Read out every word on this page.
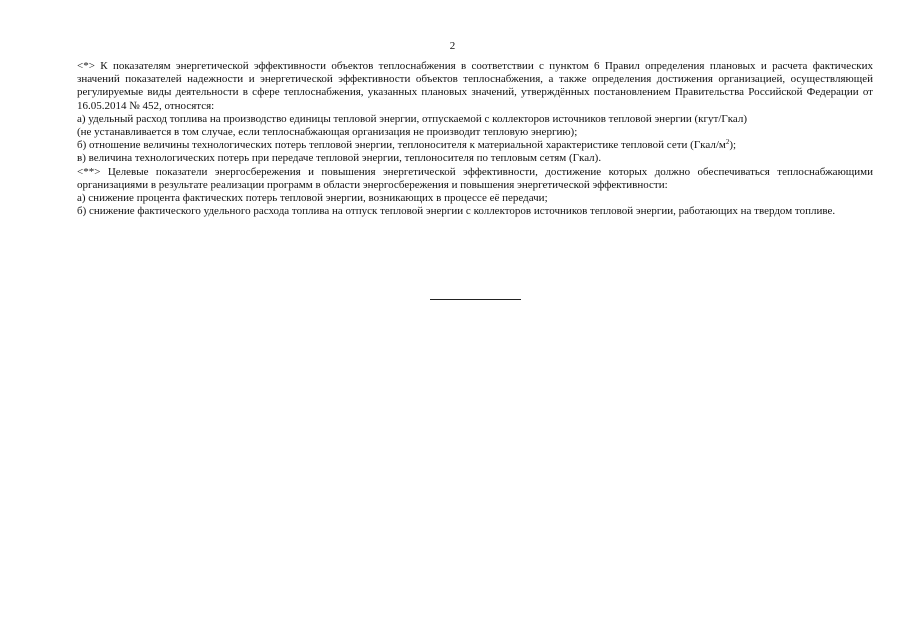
2

<*> К показателям энергетической эффективности объектов теплоснабжения в соответствии с пунктом 6 Правил определения плановых и расчета фактических значений показателей надежности и энергетической эффективности объектов теплоснабжения, а также определения достижения организацией, осуществляющей регулируемые виды деятельности в сфере теплоснабжения, указанных плановых значений, утверждённых постановлением Правительства Российской Федерации от 16.05.2014 № 452, относятся:

а) удельный расход топлива на производство единицы тепловой энергии, отпускаемой с коллекторов источников тепловой энергии (кгут/Гкал)

(не устанавливается в том случае, если теплоснабжающая организация не производит тепловую энергию);

б) отношение величины технологических потерь тепловой энергии, теплоносителя к материальной характеристике тепловой сети $(Гкал/м^2)$;

в) величина технологических потерь при передаче тепловой энергии, теплоносителя по тепловым сетям (Гкал).

<**> Целевые показатели энергосбережения и повышения энергетической эффективности, достижение которых должно обеспечиваться теплоснабжающими организациями в результате реализации программ в области энергосбережения и повышения энергетической эффективности:

а) снижение процента фактических потерь тепловой энергии, возникающих в процессе её передачи;

б) снижение фактического удельного расхода топлива на отпуск тепловой энергии с коллекторов источников тепловой энергии, работающих на твердом топливе.
